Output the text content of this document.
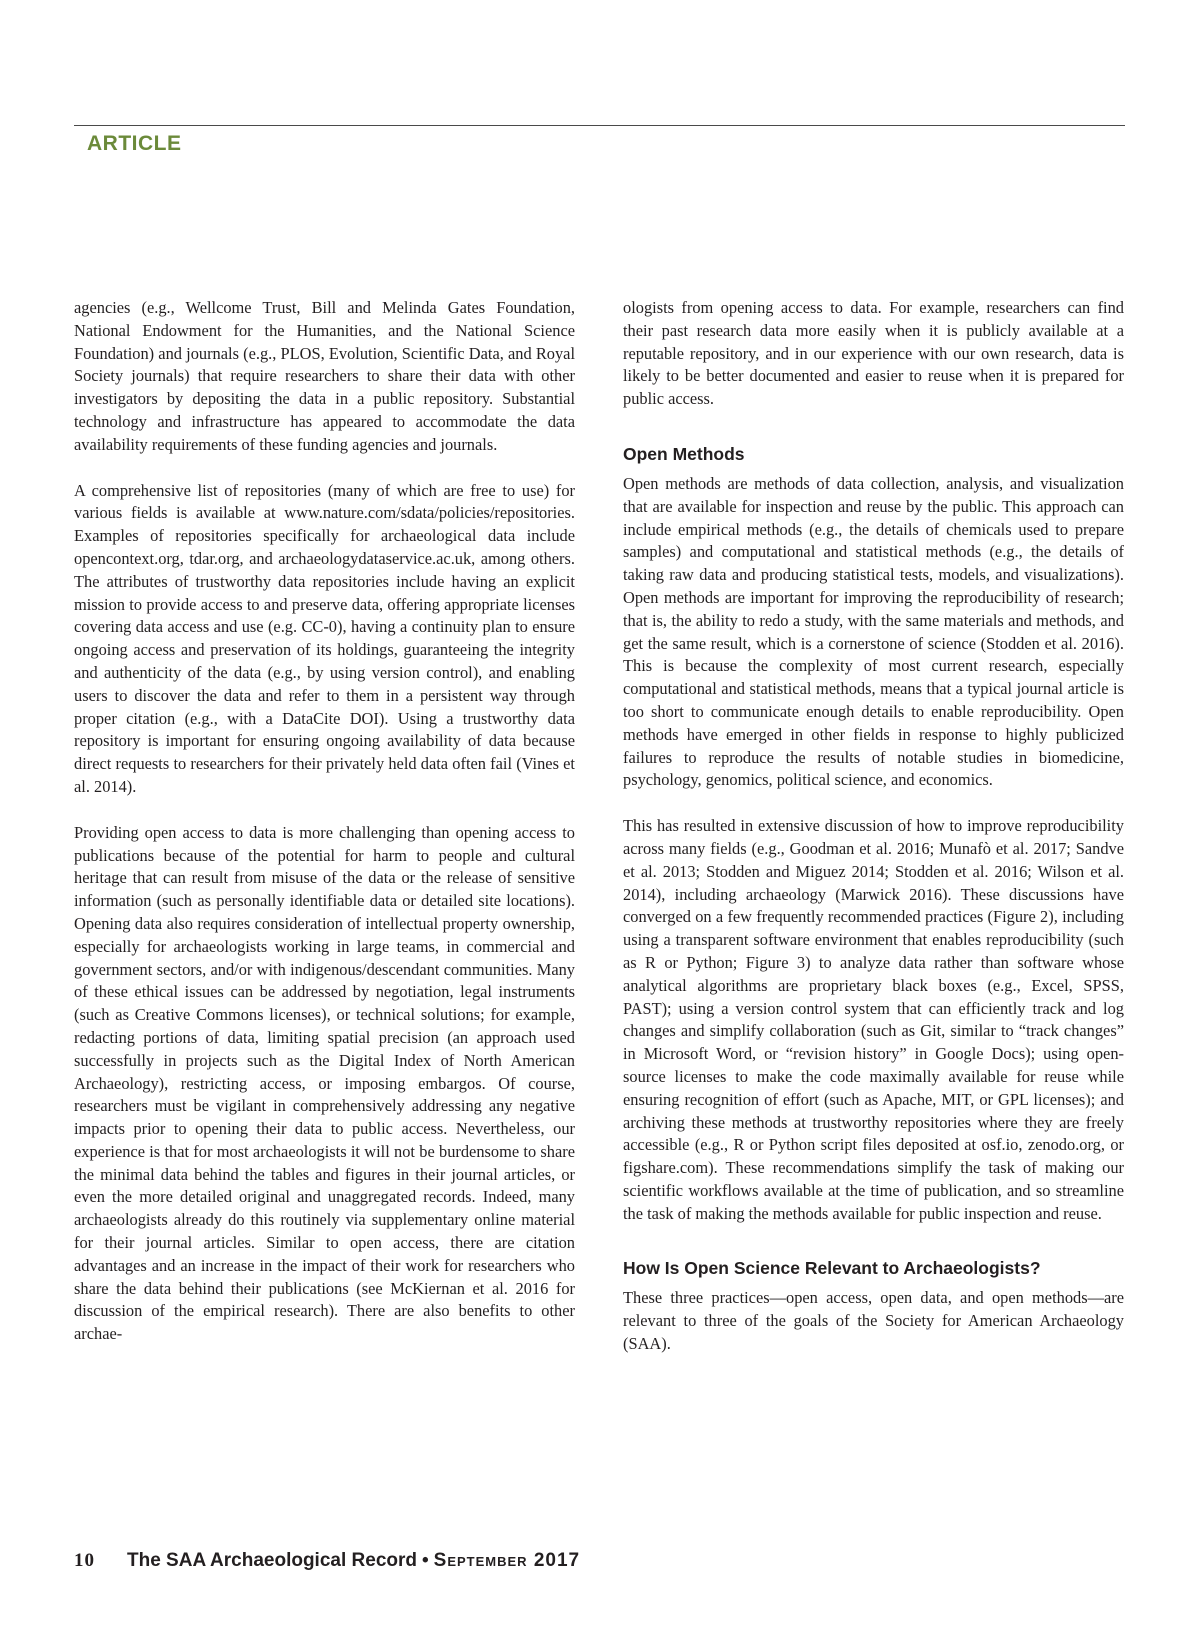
ARTICLE

agencies (e.g., Wellcome Trust, Bill and Melinda Gates Foundation, National Endowment for the Humanities, and the National Science Foundation) and journals (e.g., PLOS, Evolution, Scientific Data, and Royal Society journals) that require researchers to share their data with other investigators by depositing the data in a public repository. Substantial technology and infrastructure has appeared to accommodate the data availability requirements of these funding agencies and journals.

A comprehensive list of repositories (many of which are free to use) for various fields is available at www.nature.com/sdata/policies/repositories. Examples of repositories specifically for archaeological data include opencontext.org, tdar.org, and archaeologydataservice.ac.uk, among others. The attributes of trustworthy data repositories include having an explicit mission to provide access to and preserve data, offering appropriate licenses covering data access and use (e.g. CC-0), having a continuity plan to ensure ongoing access and preservation of its holdings, guaranteeing the integrity and authenticity of the data (e.g., by using version control), and enabling users to discover the data and refer to them in a persistent way through proper citation (e.g., with a DataCite DOI). Using a trustworthy data repository is important for ensuring ongoing availability of data because direct requests to researchers for their privately held data often fail (Vines et al. 2014).

Providing open access to data is more challenging than opening access to publications because of the potential for harm to people and cultural heritage that can result from misuse of the data or the release of sensitive information (such as personally identifiable data or detailed site locations). Opening data also requires consideration of intellectual property ownership, especially for archaeologists working in large teams, in commercial and government sectors, and/or with indigenous/descendant communities. Many of these ethical issues can be addressed by negotiation, legal instruments (such as Creative Commons licenses), or technical solutions; for example, redacting portions of data, limiting spatial precision (an approach used successfully in projects such as the Digital Index of North American Archaeology), restricting access, or imposing embargos. Of course, researchers must be vigilant in comprehensively addressing any negative impacts prior to opening their data to public access. Nevertheless, our experience is that for most archaeologists it will not be burdensome to share the minimal data behind the tables and figures in their journal articles, or even the more detailed original and unaggregated records. Indeed, many archaeologists already do this routinely via supplementary online material for their journal articles. Similar to open access, there are citation advantages and an increase in the impact of their work for researchers who share the data behind their publications (see McKiernan et al. 2016 for discussion of the empirical research). There are also benefits to other archae-

ologists from opening access to data. For example, researchers can find their past research data more easily when it is publicly available at a reputable repository, and in our experience with our own research, data is likely to be better documented and easier to reuse when it is prepared for public access.

Open Methods

Open methods are methods of data collection, analysis, and visualization that are available for inspection and reuse by the public. This approach can include empirical methods (e.g., the details of chemicals used to prepare samples) and computational and statistical methods (e.g., the details of taking raw data and producing statistical tests, models, and visualizations). Open methods are important for improving the reproducibility of research; that is, the ability to redo a study, with the same materials and methods, and get the same result, which is a cornerstone of science (Stodden et al. 2016). This is because the complexity of most current research, especially computational and statistical methods, means that a typical journal article is too short to communicate enough details to enable reproducibility. Open methods have emerged in other fields in response to highly publicized failures to reproduce the results of notable studies in biomedicine, psychology, genomics, political science, and economics.

This has resulted in extensive discussion of how to improve reproducibility across many fields (e.g., Goodman et al. 2016; Munafò et al. 2017; Sandve et al. 2013; Stodden and Miguez 2014; Stodden et al. 2016; Wilson et al. 2014), including archaeology (Marwick 2016). These discussions have converged on a few frequently recommended practices (Figure 2), including using a transparent software environment that enables reproducibility (such as R or Python; Figure 3) to analyze data rather than software whose analytical algorithms are proprietary black boxes (e.g., Excel, SPSS, PAST); using a version control system that can efficiently track and log changes and simplify collaboration (such as Git, similar to “track changes” in Microsoft Word, or “revision history” in Google Docs); using open-source licenses to make the code maximally available for reuse while ensuring recognition of effort (such as Apache, MIT, or GPL licenses); and archiving these methods at trustworthy repositories where they are freely accessible (e.g., R or Python script files deposited at osf.io, zenodo.org, or figshare.com). These recommendations simplify the task of making our scientific workflows available at the time of publication, and so streamline the task of making the methods available for public inspection and reuse.

How Is Open Science Relevant to Archaeologists?

These three practices—open access, open data, and open methods—are relevant to three of the goals of the Society for American Archaeology (SAA).

10 The SAA Archaeological Record • September 2017
